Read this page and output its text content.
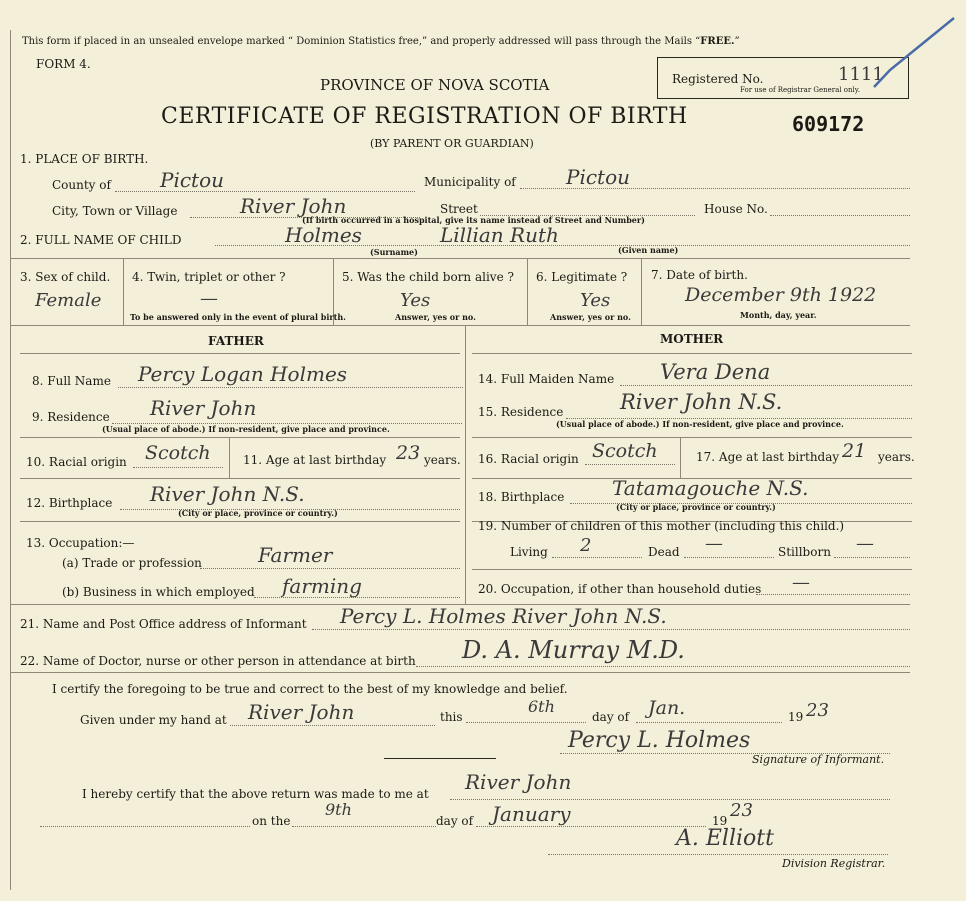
This form if placed in an unsealed envelope marked “ Dominion Statistics free,” and properly addressed will pass through the Mails “FREE.”
FORM 4.
PROVINCE OF NOVA SCOTIA
CERTIFICATE OF REGISTRATION OF BIRTH
(BY PARENT OR GUARDIAN)
609172
Registered No.	1111
For use of Registrar General only.
1. PLACE OF BIRTH.
County of Pictou	Municipality of	Pictou
City, Town or Village	River John	Street	House No.
(If birth occurred in a hospital, give its name instead of Street and Number)
2. FULL NAME OF CHILD	Holmes	Lillian Ruth
(Surname)	(Given name)
3. Sex of child.
Female
4. Twin, triplet or other ?
—
To be answered only in the event of plural birth.
5. Was the child born alive ?
Yes
Answer, yes or no.
6. Legitimate ?
Yes
Answer, yes or no.
7. Date of birth.
December 9th 1922
Month, day, year.
FATHER	MOTHER
8. Full Name Percy Logan Holmes
9. Residence River John
(Usual place of abode.) If non-resident, give place and province.
10. Racial origin Scotch	11. Age at last birthday 23 years.
12. Birthplace River John N.S.
(City or place, province or country.)
13. Occupation:—
(a) Trade or profession	Farmer
(b) Business in which employed farming
14. Full Maiden Name Vera Dena
15. Residence	River John N.S.
(Usual place of abode.) If non-resident, give place and province.
16. Racial origin Scotch	17. Age at last birthday 21 years.
18. Birthplace Tatamagouche N.S.
(City or place, province or country.)
19. Number of children of this mother (including this child.)
Living 2	Dead —	Stillborn —
20. Occupation, if other than household duties —
21. Name and Post Office address of Informant Percy L. Holmes River John N.S.
22. Name of Doctor, nurse or other person in attendance at birth D. A. Murray M.D.
I certify the foregoing to be true and correct to the best of my knowledge and belief.
Given under my hand at River John	this
6th
day of Jan.	19 23
Percy L. Holmes
Signature of Informant.
I hereby certify that the above return was made to me at River John
on the
9th
day of January	19 23
A. Elliott
Division Registrar.
